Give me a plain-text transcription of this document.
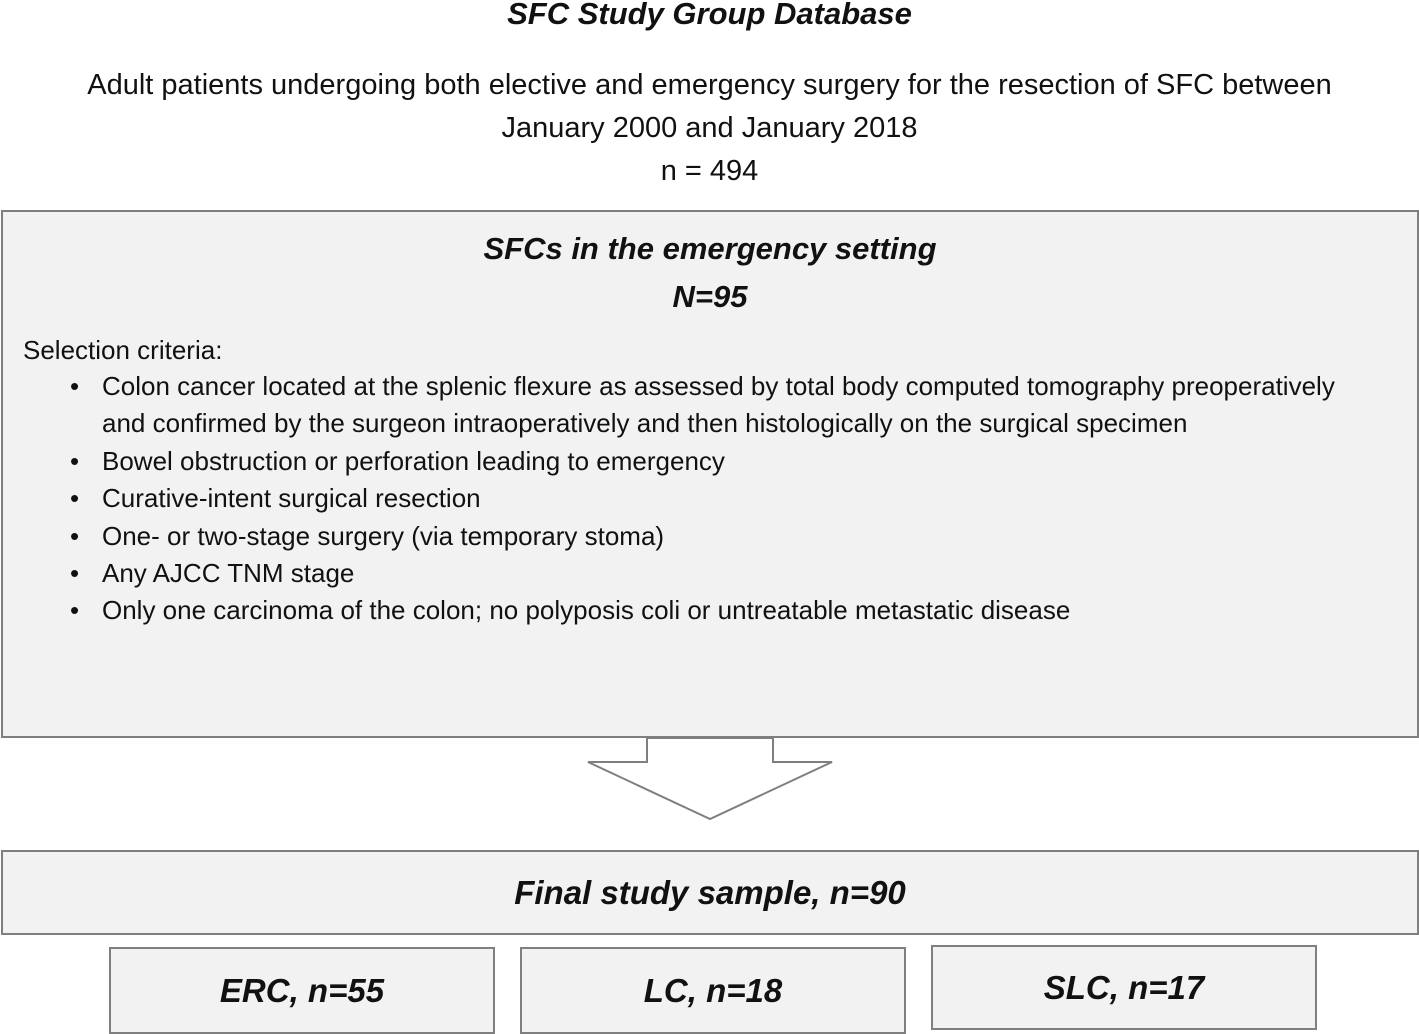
SFC Study Group Database
Adult patients undergoing both elective and emergency surgery for the resection of SFC between
January 2000 and January 2018
n = 494
SFCs in the emergency setting
N=95
Selection criteria:
• Colon cancer located at the splenic flexure as assessed by total body computed tomography preoperatively and confirmed by the surgeon intraoperatively and then histologically on the surgical specimen
• Bowel obstruction or perforation leading to emergency
• Curative-intent surgical resection
• One- or two-stage surgery (via temporary stoma)
• Any AJCC TNM stage
• Only one carcinoma of the colon; no polyposis coli or untreatable metastatic disease
Final study sample, n=90
ERC, n=55	LC, n=18	SLC, n=17
